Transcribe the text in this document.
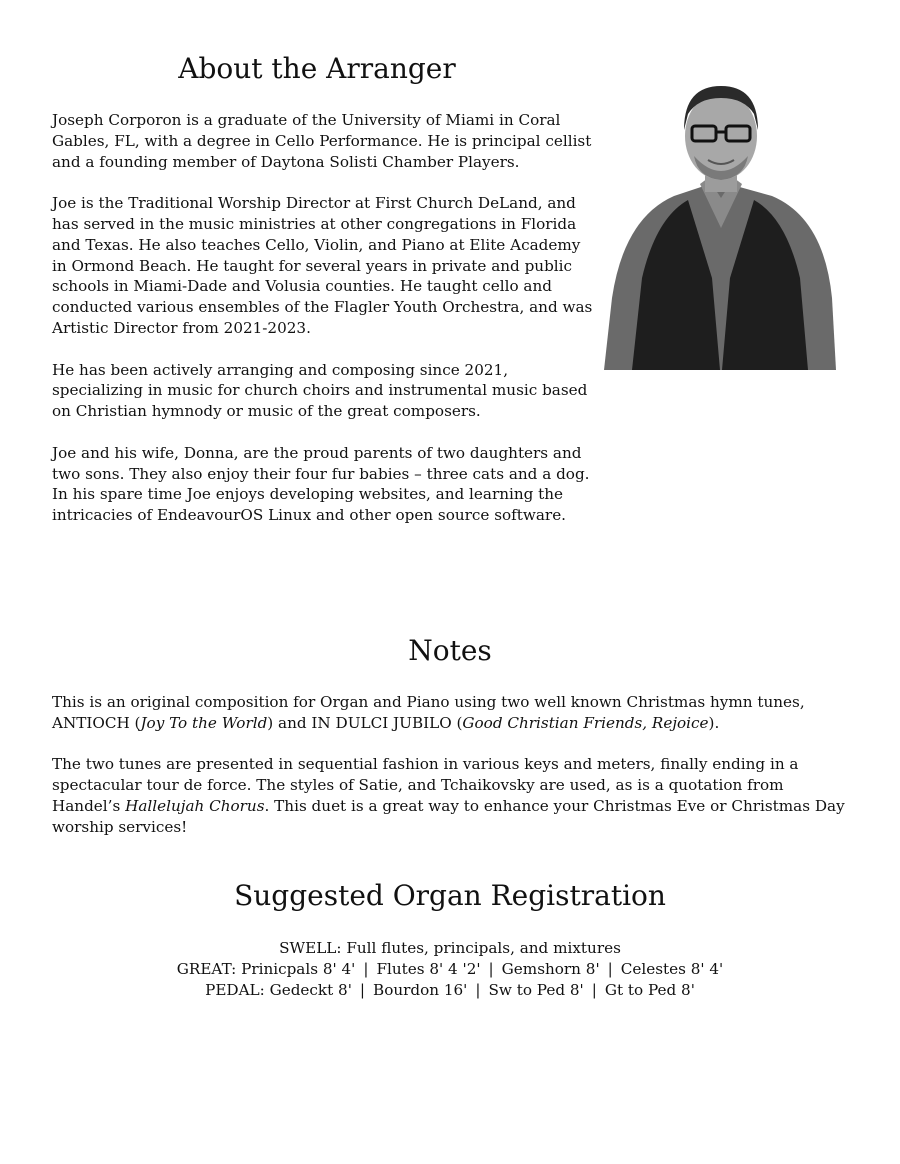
About the Arranger

Joseph Corporon is a graduate of the University of Miami in Coral Gables, FL, with a degree in Cello Performance. He is principal cellist and a founding member of Daytona Solisti Chamber Players.

Joe is the Traditional Worship Director at First Church DeLand, and has served in the music ministries at other congregations in Florida and Texas. He also teaches Cello, Violin, and Piano at Elite Academy in Ormond Beach. He taught for several years in private and public schools in Miami-Dade and Volusia counties. He taught cello and conducted various ensembles of the Flagler Youth Orchestra, and was Artistic Director from 2021-2023.

He has been actively arranging and composing since 2021, specializing in music for church choirs and instrumental music based on Christian hymnody or music of the great composers.

Joe and his wife, Donna, are the proud parents of two daughters and two sons. They also enjoy their four fur babies – three cats and a dog. In his spare time Joe enjoys developing websites, and learning the intricacies of EndeavourOS Linux and other open source software.

Notes

This is an original composition for Organ and Piano using two well known Christmas hymn tunes, ANTIOCH (Joy To the World) and IN DULCI JUBILO (Good Christian Friends, Rejoice).

The two tunes are presented in sequential fashion in various keys and meters, finally ending in a spectacular tour de force. The styles of Satie, and Tchaikovsky are used, as is a quotation from Handel’s Hallelujah Chorus. This duet is a great way to enhance your Christmas Eve or Christmas Day worship services!

Suggested Organ Registration
SWELL: Full flutes, principals, and mixtures
GREAT: Prinicpals 8' 4' | Flutes 8' 4 '2' | Gemshorn 8' | Celestes 8' 4'
PEDAL: Gedeckt 8' | Bourdon 16' | Sw to Ped 8' | Gt to Ped 8'
